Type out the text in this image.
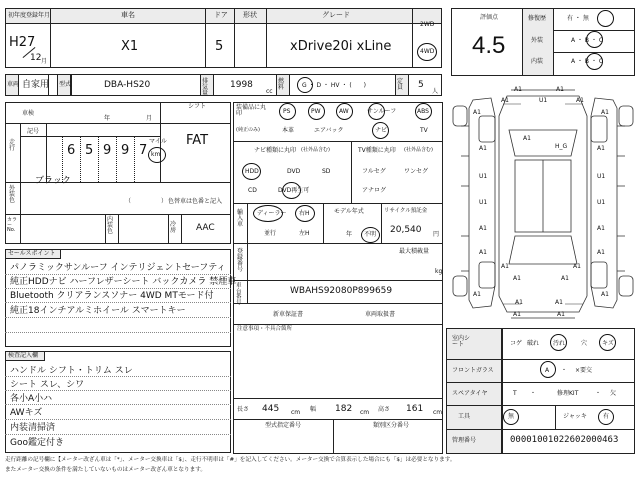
初年度登録年月
H27
12 月
車名
X1
ドア
5
形状	グレード
xDrive20i xLine
2WD
4WD
車両 自家用 型式	DBA-HS20	排気量
1998
cc
燃料	G ・ D ・ HV ・ (　　)
定員	5
人
評価点
4.5
修復歴	有 ・ 無
外装	A ・ B ・ C
内装	A ・ B ・ C
車検
年	月
シフト
FAT
走行
記号
6 5 9 9 7
マイル
km
外装色
ブラック
（　　　　　） 色替車は色番と記入
カラーNo.
内装色
冷房	AAC
セールスポイント
パノラミックサンルーフ インテリジェントセーフティ
純正HDDナビ ハーフレザーシート バックカメラ 禁煙車
Bluetooth クリアランスソナー 4WD MTモード付
純正18インチアルミホイール スマートキー
検査記入欄
ハンドル シフト・トリム スレ
シート スレ、シワ
各小A小ハ
AWキズ
内装清掃済
Goo鑑定付き
装備品に丸印
(純正のみ)
PS	PW	AW	サンルーフ	ABS
本革	エアバック	ナビ	TV
ナビ種類に丸印 (社外品含む)
HDD	DVD	SD
CD	DVD再生可
TV種類に丸印 (社外品含む)
フルセグ	ワンセグ
アナログ
輸入車
ディーラー 右H
並行	左H
モデル年式
年 不明
リサイクル預託金
20,540 円
登録番号
最大積載量
kg
車台番号
WBAHS92080P899659
新車保証書	車両取扱書
注意事項・不具合箇所
長さ 445 cm 幅 182 cm 高さ 161 cm
型式指定番号	類別区分番号
A1	A1
U1
A1	A1
A1	A1
A1	A1
A1
U1	U1
U1	U1
A1	A1
A1	A1
A1	A1
A1	A1
A1	A1
A1	A1
A1	A1
H_G
室内シート	コゲ 破れ 汚れ	穴 キズ
フロントガラス	A ・ ×要交
スペアタイヤ	T ・	修理KIT	・ 欠
工具	無	ジャッキ	有
管理番号	00001001022602000463
走行距離の記号欄に【メーター改ざん車は「*」、メーター交換車は「$」、走行不明車は「#」を記入してください。メーター交換で合算表示した場合にも「$」は必要となります。
またメーター交換の条件を満たしていないものはメーター改ざん車となります。
